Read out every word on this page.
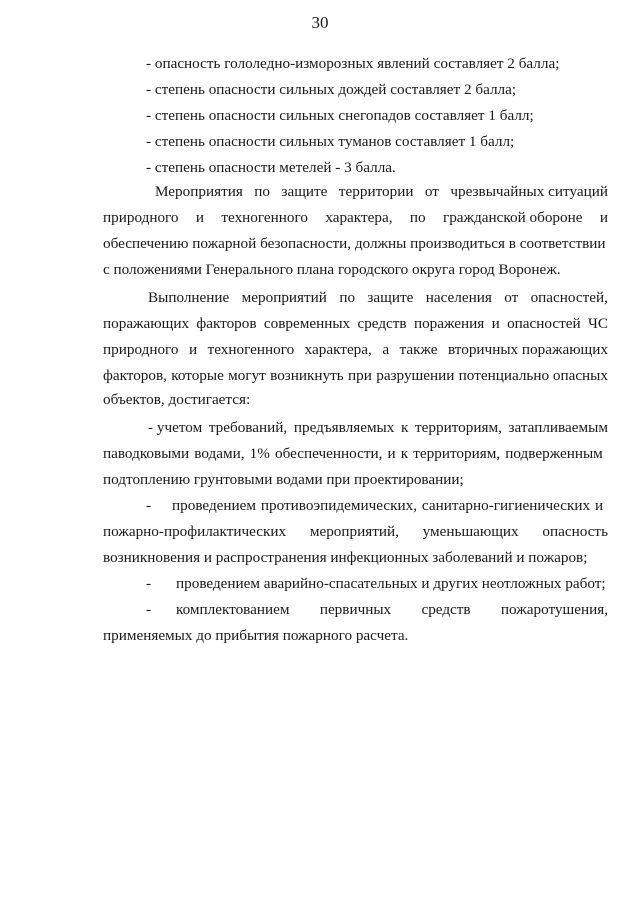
30
- опасность гололедно-изморозных явлений составляет 2 балла;
- степень опасности сильных дождей составляет 2 балла;
- степень опасности сильных снегопадов составляет 1 балл;
- степень опасности сильных туманов составляет 1 балл;
- степень опасности метелей - 3 балла.
Мероприятия по защите территории от чрезвычайных ситуаций
природного и техногенного характера, по гражданской обороне и
обеспечению пожарной безопасности, должны производиться в соответствии
с положениями Генерального плана городского округа город Воронеж.
Выполнение мероприятий по защите населения от опасностей,
поражающих факторов современных средств поражения и опасностей ЧС
природного и техногенного характера, а также вторичных поражающих
факторов, которые могут возникнуть при разрушении потенциально опасных
объектов, достигается:
- учетом требований, предъявляемых к территориям, затапливаемым
паводковыми водами, 1% обеспеченности, и к территориям, подверженным
подтоплению грунтовыми водами при проектировании;
- проведением противоэпидемических, санитарно-гигиенических и
пожарно-профилактических мероприятий, уменьшающих опасность
возникновения и распространения инфекционных заболеваний и пожаров;
- проведением аварийно-спасательных и других неотложных работ;
- комплектованием первичных средств пожаротушения,
применяемых до прибытия пожарного расчета.
